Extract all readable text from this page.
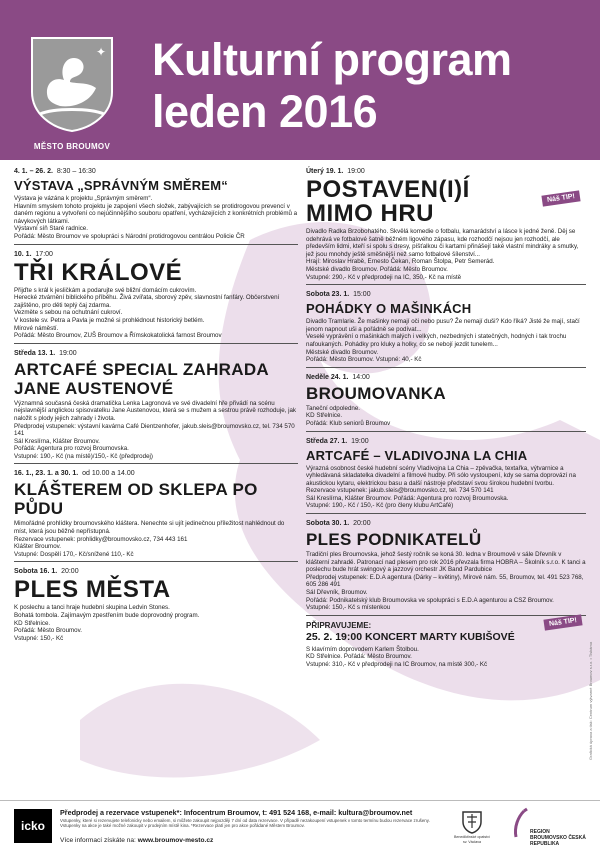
✦
MĚSTO BROUMOV
Kulturní program
leden 2016
4. 1. – 26. 2. 8:30 – 16:30
VÝSTAVA „SPRÁVNÝM SMĚREM“

Výstava je vázána k projektu „Správným směrem“.

Hlavním smyslem tohoto projektu je zapojení všech složek, zabývajících se protidrogovou prevencí v daném regionu a vytvoření co nejúčinnějšího souboru opatření, vycházejících z konkrétních problémů a návykových látkami.

Výstavní síň Staré radnice.

Pořádá: Město Broumov ve spolupráci s Národní protidrogovou centrálou Policie ČR

10. 1. 17:00
TŘI KRÁLOVÉ

Přijďte s král k jesličkám a podarujte své bližní domácím cukrovím.

Herecké ztvárnění biblického příběhu. Živá zvířata, sborový zpěv, slavnostní fanfáry. Občerstvení zajištěno, pro děti teplý čaj zdarma.

Vezměte s sebou na ochutnání cukroví.

V kostele sv. Petra a Pavla je možné si prohlédnout historický betlém.

Mírové náměstí.

Pořádá: Město Broumov, ZUŠ Broumov a Římskokatolická farnost Broumov

Středa 13. 1. 19:00
ARTCAFÉ SPECIAL ZAHRADA JANE AUSTENOVÉ

Významná současná česká dramatička Lenka Lagronová ve své divadelní hře přivádí na scénu nejslavnější anglickou spisovatelku Jane Austenovou, která se s mužem a sestrou právě rozhoduje, jak naložit s plody jejich zahrady i života.

Předprodej vstupenek: výstavní kavárna Café Dientzenhofer, jakub.sleis@broumovsko.cz, tel. 734 570 141

Sál Kreslírna, Klášter Broumov.

Pořádá: Agentura pro rozvoj Broumovska.

Vstupné: 190,- Kč (na místě)/150,- Kč (předprodej)

16. 1., 23. 1. a 30. 1. od 10.00 a 14.00
KLÁŠTEREM OD SKLEPA PO PŮDU

Mimořádné prohlídky broumovského kláštera. Nenechte si ujít jedinečnou příležitost nahlédnout do míst, která jsou běžně nepřístupná.

Rezervace vstupenek: prohlidky@broumovsko.cz, 734 443 161

Klášter Broumov.

Vstupné: Dospělí 170,- Kč/snížené 110,- Kč

Sobota 16. 1. 20:00
PLES MĚSTA

K poslechu a tanci hraje hudební skupina Ledvin Stones.

Bohatá tombola. Zajímavým zpestřením bude doprovodný program.

KD Střelnice.

Pořádá: Město Broumov.

Vstupné: 150,- Kč

Úterý 19. 1. 19:00
POSTAVEN(I)Í MIMO HRU
Náš TIP!

Divadlo Radka Brzobohatého. Skvělá komedie o fotbalu, kamarádství a lásce k jedné ženě. Děj se odehrává ve fotbalové šatně běžném ligového zápasu, kde rozhodčí nejsou jen rozhodčí, ale především lidmi, kteří si spolu s dresy, píšťalkou či kartami přinášejí také vlastní mindráky a smutky, jež jsou mnohdy ještě směšnější než samo fotbalové šílenství...

Hrají: Miroslav Hrabě, Ernesto Čekan, Roman Štolpa, Petr Semerád.

Městské divadlo Broumov. Pořádá: Město Broumov.

Vstupné: 290,- Kč v předprodeji na IC, 350,- Kč na místě

Sobota 23. 1. 15:00
POHÁDKY O MAŠINKÁCH

Divadlo Tramlarie. Že mašinky nemají oči nebo pusu? Že nemají duši? Kdo říká? Jisté že mají, stačí jenom napnout uši a pořádně se podívat...

Veselé vyprávění o mašinkách malých i velkých, nezbedných i statečných, hodných i tak trochu nafoukaných. Pohádky pro kluky a holky, co se nebojí jezdit tunelem...

Městské divadlo Broumov.

Pořádá: Město Broumov. Vstupné: 40,- Kč

Neděle 24. 1. 14:00
BROUMOVANKA

Taneční odpoledne.

KD Střelnice.

Pořádá: Klub seniorů Broumov

Středa 27. 1. 19:00
ARTCAFÉ – VLADIVOJNA LA CHIA

Výrazná osobnost české hudební scény Vladivojna La Chia – zpěvačka, textařka, výtvarnice a vyhledávaná skladatelka divadelní a filmové hudby. Při sólo vystoupení, kdy se sama doprovází na akustickou kytaru, elektrickou basu a další nástroje představí svou širokou hudební tvorbu.

Rezervace vstupenek: jakub.sleis@broumovsko.cz, tel. 734 570 141

Sál Kreslírna, Klášter Broumov. Pořádá: Agentura pro rozvoj Broumovska.

Vstupné: 190,- Kč / 150,- Kč (pro členy klubu ArtCafé)

Sobota 30. 1. 20:00
PLES PODNIKATELŮ

Tradiční ples Broumovska, jehož šestý ročník se koná 30. ledna v Broumově v sále Dřevník v klášterní zahradě. Patronací nad plesem pro rok 2016 převzala firma HOBRA – Školník s.r.o. K tanci a poslechu bude hrát swingový a jazzový orchestr JK Band Pardubice

Předprodej vstupenek: E.D.A agentura (Dárky – květiny), Mírové nám. 55, Broumov, tel. 491 523 768, 605 286 491

Sál Dřevník, Broumov.

Pořádá: Podnikatelský klub Broumovska ve spolupráci s E.D.A agenturou a CSZ Broumov.

Vstupné: 150,- Kč s místenkou

Náš TIP!
PŘIPRAVUJEME:
25. 2. 19:00 KONCERT MARTY KUBIŠOVÉ

S klavírním doprovodem Karlem Štolbou.

KD Střelnice. Pořádá: Město Broumov.

Vstupné: 310,- Kč v předprodeji na IC Broumov, na místě 300,- Kč	Grafická úprava a tisk: Centrum výtvarné Broumov s.r.o. • Tiskárna
icko
Předprodej a rezervace vstupenek*: Infocentrum Broumov, t: 491 524 168, e-mail: kultura@broumov.net
Vstupenky, které si rezervujete telefonicky nebo emailem, si můžete zakoupit nejpozději 7 dní od data rezervace. V případě nezakoupení vstupenek v tomto termínu budou rezervace zrušeny. Vstupenky na akce je také možné zakoupit v prodejním místě kina. *Rezervace platí jen pro akce pořádané Městem Broumov.
Více informací získáte na: www.broumov-mesto.cz	Benediktinské opatství sv. Václava
REGION BROUMOVSKO ČESKÁ REPUBLIKA
